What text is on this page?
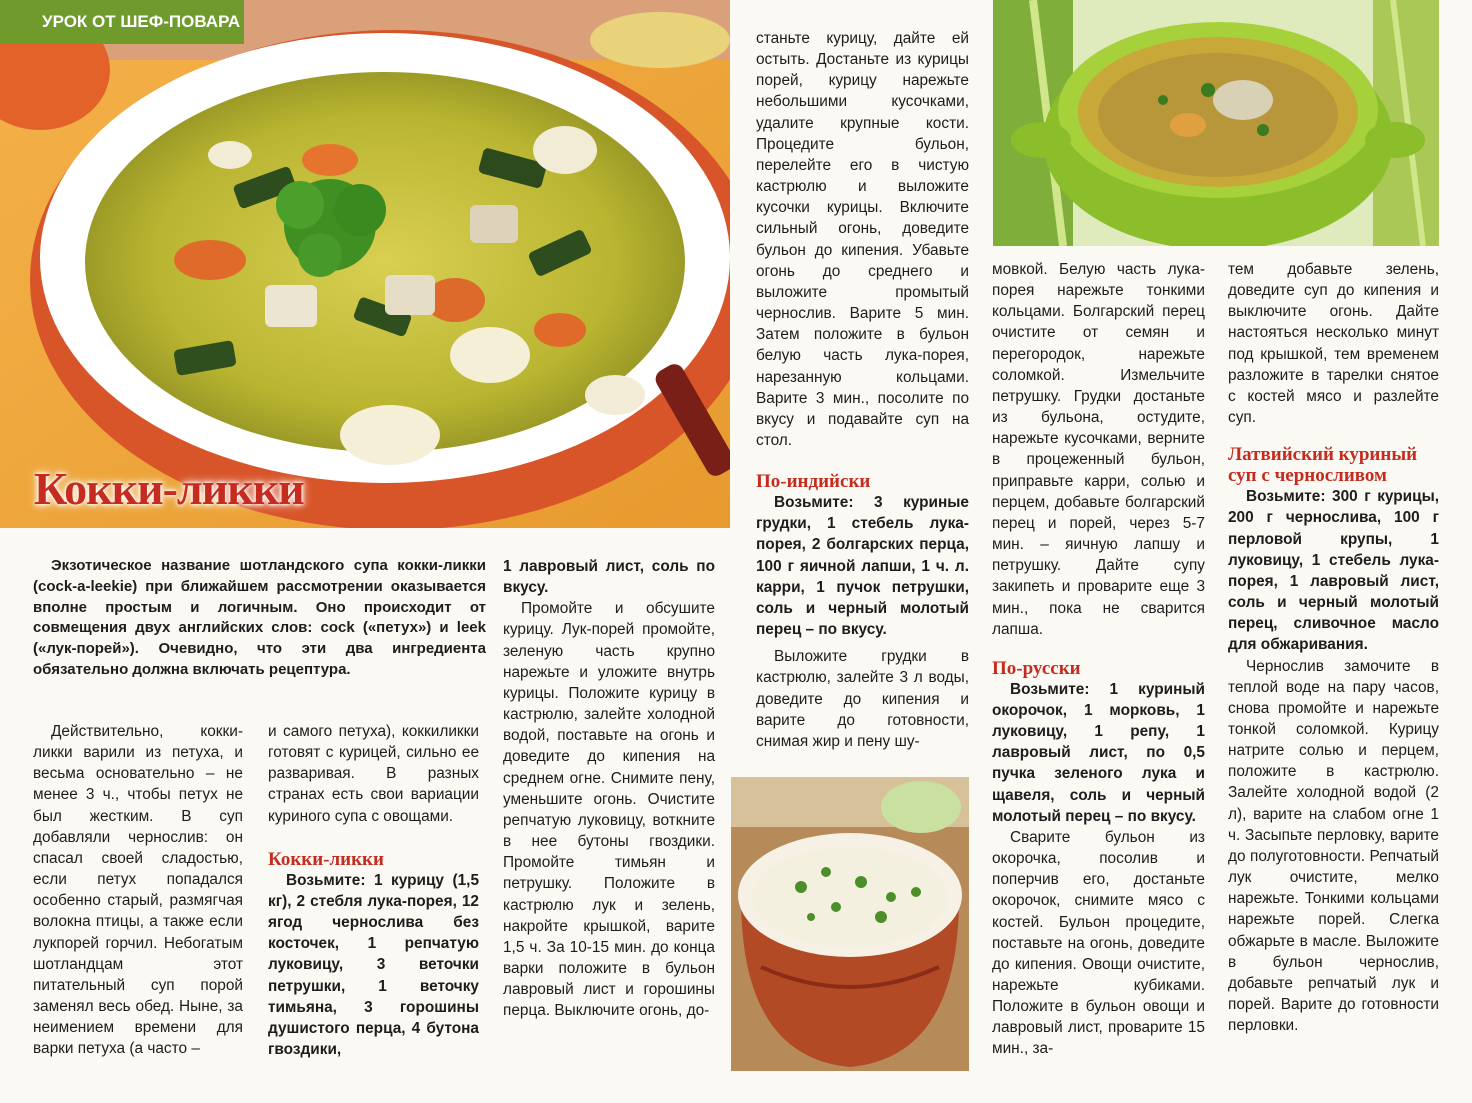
УРОК ОТ ШЕФ-ПОВАРА
Кокки-ликки

Экзотическое название шотландского супа кокки-ликки (cock-a-leekie) при ближайшем рассмотрении оказывается вполне простым и логичным. Оно происходит от совмещения двух английских слов: cock («петух») и leek («лук-порей»). Очевидно, что эти два ингредиента обязательно должна включать рецептура.

Действительно, кокки-ликки варили из петуха, и весьма основательно – не менее 3 ч., чтобы петух не был жестким. В суп добавляли чернослив: он спасал своей сладостью, если петух попадался особенно старый, размягчая волокна птицы, а также если лукпорей горчил. Небогатым шотландцам этот питательный суп порой заменял весь обед. Ныне, за неимением времени для варки петуха (а часто –

и самого петуха), коккиликки готовят с курицей, сильно ее разваривая. В разных странах есть свои вариации куриного супа с овощами.

Кокки-ликки

Возьмите: 1 курицу (1,5 кг), 2 стебля лука-порея, 12 ягод чернослива без косточек, 1 репчатую луковицу, 3 веточки петрушки, 1 веточку тимьяна, 3 горошины душистого перца, 4 бутона гвоздики,

1 лавровый лист, соль по вкусу.

Промойте и обсушите курицу. Лук-порей промойте, зеленую часть крупно нарежьте и уложите внутрь курицы. Положите курицу в кастрюлю, залейте холодной водой, поставьте на огонь и доведите до кипения на среднем огне. Снимите пену, уменьшите огонь. Очистите репчатую луковицу, воткните в нее бутоны гвоздики. Промойте тимьян и петрушку. Положите в кастрюлю лук и зелень, накройте крышкой, варите 1,5 ч. За 10-15 мин. до конца варки положите в бульон лавровый лист и горошины перца. Выключите огонь, до-

станьте курицу, дайте ей остыть. Достаньте из курицы порей, курицу нарежьте небольшими кусочками, удалите крупные кости. Процедите бульон, перелейте его в чистую кастрюлю и выложите кусочки курицы. Включите сильный огонь, доведите бульон до кипения. Убавьте огонь до среднего и выложите промытый чернослив. Варите 5 мин. Затем положите в бульон белую часть лука-порея, нарезанную кольцами. Варите 3 мин., посолите по вкусу и подавайте суп на стол.

По-индийски

Возьмите: 3 куриные грудки, 1 стебель лука-порея, 2 болгарских перца, 100 г яичной лапши, 1 ч. л. карри, 1 пучок петрушки, соль и черный молотый перец – по вкусу.

Выложите грудки в кастрюлю, залейте 3 л воды, доведите до кипения и варите до готовности, снимая жир и пену шу-

мовкой. Белую часть лука-порея нарежьте тонкими кольцами. Болгарский перец очистите от семян и перегородок, нарежьте соломкой. Измельчите петрушку. Грудки достаньте из бульона, остудите, нарежьте кусочками, верните в процеженный бульон, приправьте карри, солью и перцем, добавьте болгарский перец и порей, через 5-7 мин. – яичную лапшу и петрушку. Дайте супу закипеть и проварите еще 3 мин., пока не сварится лапша.

По-русски

Возьмите: 1 куриный окорочок, 1 морковь, 1 луковицу, 1 репу, 1 лавровый лист, по 0,5 пучка зеленого лука и щавеля, соль и черный молотый перец – по вкусу.

Сварите бульон из окорочка, посолив и поперчив его, достаньте окорочок, снимите мясо с костей. Бульон процедите, поставьте на огонь, доведите до кипения. Овощи очистите, нарежьте кубиками. Положите в бульон овощи и лавровый лист, проварите 15 мин., за-

тем добавьте зелень, доведите суп до кипения и выключите огонь. Дайте настояться несколько минут под крышкой, тем временем разложите в тарелки снятое с костей мясо и разлейте суп.

Латвийский куриный суп с черносливом

Возьмите: 300 г курицы, 200 г чернослива, 100 г перловой крупы, 1 луковицу, 1 стебель лука-порея, 1 лавровый лист, соль и черный молотый перец, сливочное масло для обжаривания.

Чернослив замочите в теплой воде на пару часов, снова промойте и нарежьте тонкой соломкой. Курицу натрите солью и перцем, положите в кастрюлю. Залейте холодной водой (2 л), варите на слабом огне 1 ч. Засыпьте перловку, варите до полуготовности. Репчатый лук очистите, мелко нарежьте. Тонкими кольцами нарежьте порей. Слегка обжарьте в масле. Выложите в бульон чернослив, добавьте репчатый лук и порей. Варите до готовности перловки.
